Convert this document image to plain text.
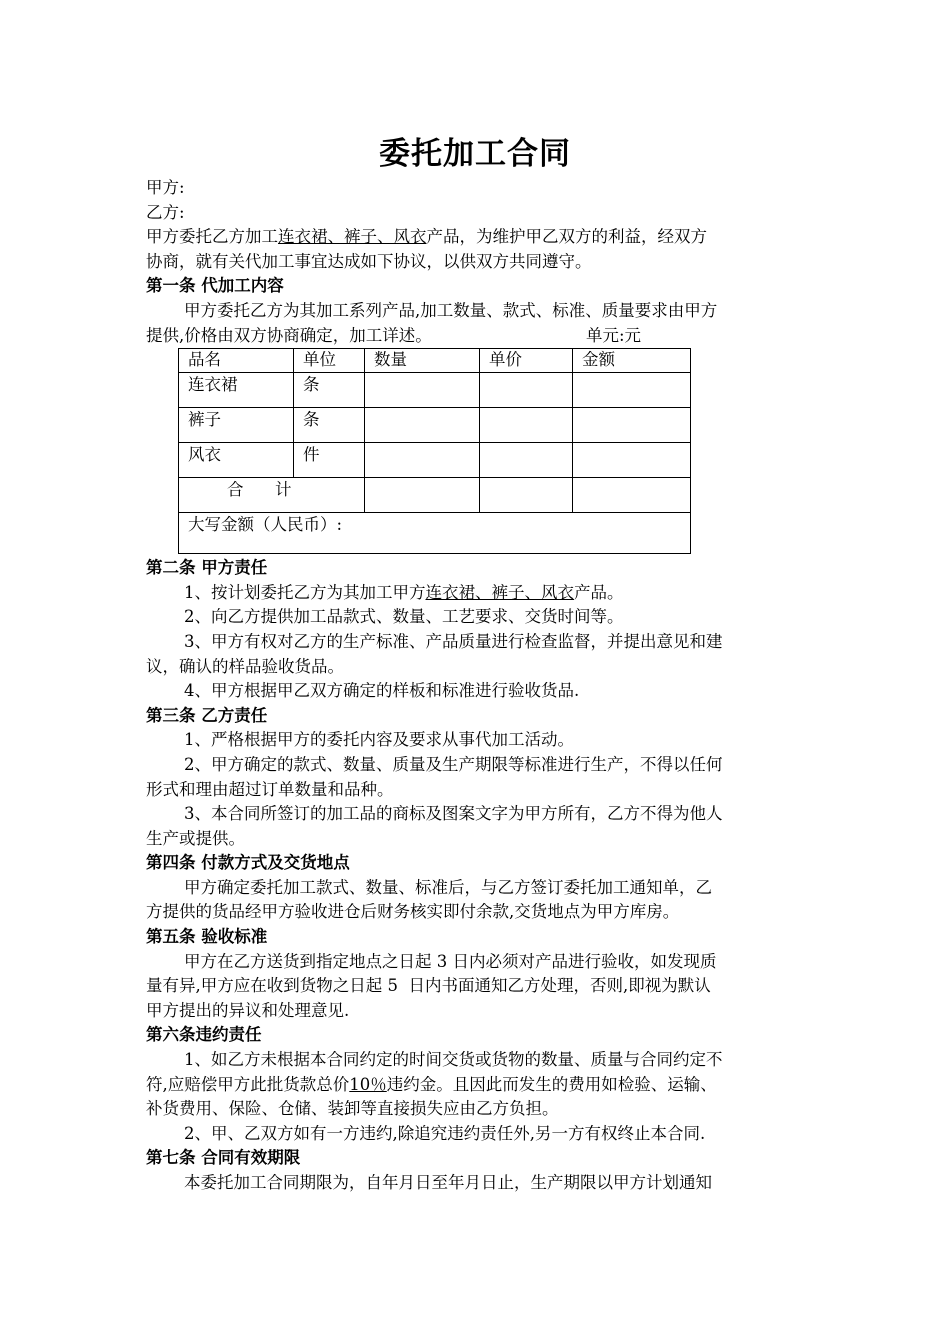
委托加工合同

甲方:

乙方:

甲方委托乙方加工连衣裙、裤子、风衣产品，为维护甲乙双方的利益，经双方

协商，就有关代加工事宜达成如下协议，以供双方共同遵守。

第一条 代加工内容

甲方委托乙方为其加工系列产品,加工数量、款式、标准、质量要求由甲方

提供,价格由双方协商确定，加工详述。	单元:元

品名	单位	数量	单价	金额
连衣裙	条			
裤子	条			
风衣	件			
合      计				
大写金额（人民币）:				

第二条 甲方责任

1、按计划委托乙方为其加工甲方连衣裙、裤子、风衣产品。

2、向乙方提供加工品款式、数量、工艺要求、交货时间等。

3、甲方有权对乙方的生产标准、产品质量进行检查监督，并提出意见和建

议，确认的样品验收货品。

4、甲方根据甲乙双方确定的样板和标准进行验收货品.

第三条 乙方责任

1、严格根据甲方的委托内容及要求从事代加工活动。

2、甲方确定的款式、数量、质量及生产期限等标准进行生产，不得以任何

形式和理由超过订单数量和品种。

3、本合同所签订的加工品的商标及图案文字为甲方所有，乙方不得为他人

生产或提供。

第四条 付款方式及交货地点

甲方确定委托加工款式、数量、标准后，与乙方签订委托加工通知单，乙

方提供的货品经甲方验收进仓后财务核实即付余款,交货地点为甲方库房。

第五条 验收标准

甲方在乙方送货到指定地点之日起 3 日内必须对产品进行验收，如发现质

量有异,甲方应在收到货物之日起 5  日内书面通知乙方处理，否则,即视为默认

甲方提出的异议和处理意见.

第六条违约责任

1、如乙方未根据本合同约定的时间交货或货物的数量、质量与合同约定不

符,应赔偿甲方此批货款总价10％违约金。且因此而发生的费用如检验、运输、

补货费用、保险、仓储、装卸等直接损失应由乙方负担。

2、甲、乙双方如有一方违约,除追究违约责任外,另一方有权终止本合同.

第七条 合同有效期限

本委托加工合同期限为，自年月日至年月日止，生产期限以甲方计划通知
